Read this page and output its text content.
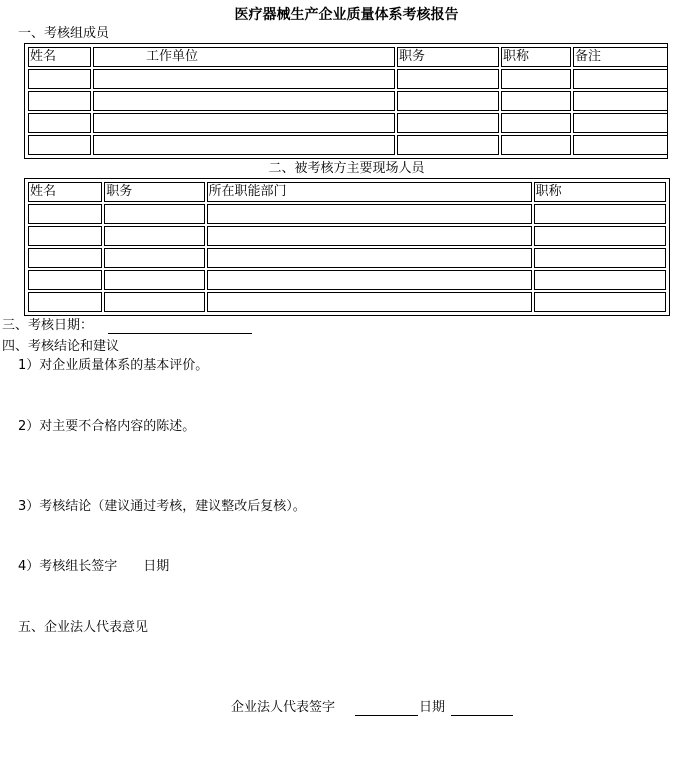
医疗器械生产企业质量体系考核报告
一、考核组成员
姓名	工作单位	职务	职称	备注

二、被考核方主要现场人员
姓名	职务	所在职能部门	职称

三、考核日期：
四、考核结论和建议
1）对企业质量体系的基本评价。
2）对主要不合格内容的陈述。
3）考核结论（建议通过考核，建议整改后复核）。
4）考核组长签字　　日期
五、企业法人代表意见
企业法人代表签字	日期
